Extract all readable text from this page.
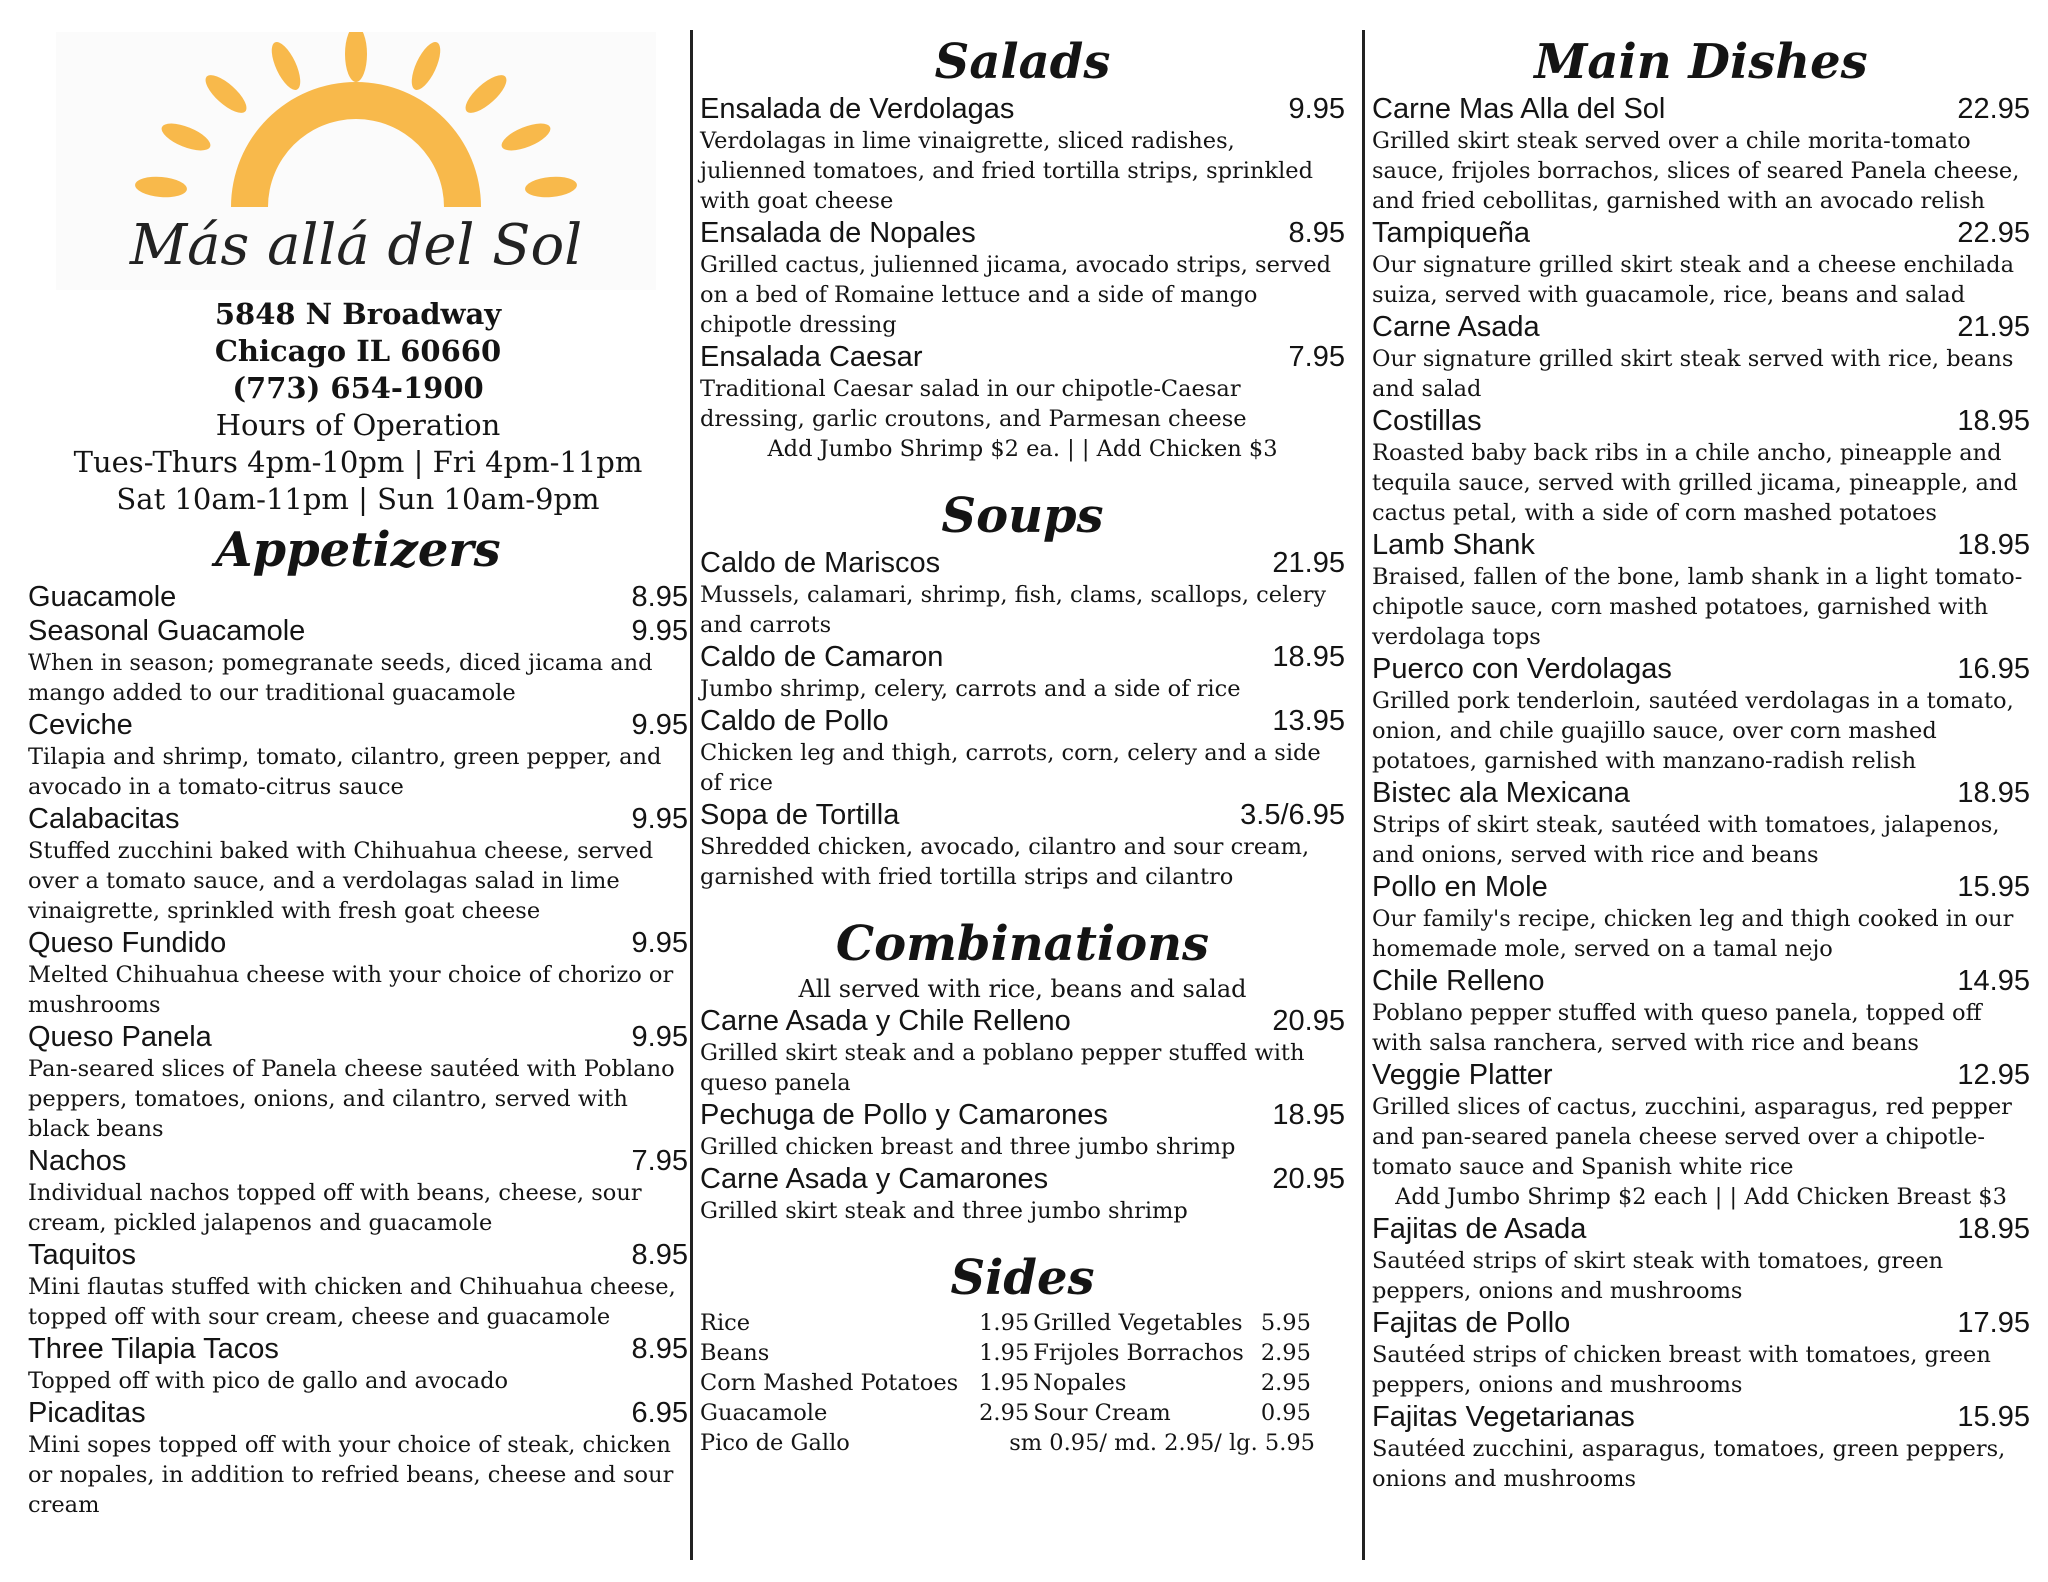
Más allá del Sol
5848 N Broadway
Chicago IL 60660
(773) 654-1900
Hours of Operation
Tues-Thurs 4pm-10pm | Fri 4pm-11pm
Sat 10am-11pm | Sun 10am-9pm
Appetizers
Guacamole	8.95
Seasonal Guacamole	9.95
When in season; pomegranate seeds, diced jicama and mango added to our traditional guacamole
Ceviche	9.95
Tilapia and shrimp, tomato, cilantro, green pepper, and avocado in a tomato-citrus sauce
Calabacitas	9.95
Stuffed zucchini baked with Chihuahua cheese, served over a tomato sauce, and a verdolagas salad in lime vinaigrette, sprinkled with fresh goat cheese
Queso Fundido	9.95
Melted Chihuahua cheese with your choice of chorizo or mushrooms
Queso Panela	9.95
Pan-seared slices of Panela cheese sautéed with Poblano peppers, tomatoes, onions, and cilantro, served with black beans
Nachos	7.95
Individual nachos topped off with beans, cheese, sour cream, pickled jalapenos and guacamole
Taquitos	8.95
Mini flautas stuffed with chicken and Chihuahua cheese, topped off with sour cream, cheese and guacamole
Three Tilapia Tacos	8.95
Topped off with pico de gallo and avocado
Picaditas	6.95
Mini sopes topped off with your choice of steak, chicken or nopales, in addition to refried beans, cheese and sour cream
Salads
Ensalada de Verdolagas	9.95
Verdolagas in lime vinaigrette, sliced radishes, julienned tomatoes, and fried tortilla strips, sprinkled with goat cheese
Ensalada de Nopales	8.95
Grilled cactus, julienned jicama, avocado strips, served on a bed of Romaine lettuce and a side of mango chipotle dressing
Ensalada Caesar	7.95
Traditional Caesar salad in our chipotle-Caesar dressing, garlic croutons, and Parmesan cheese
Add Jumbo Shrimp $2 ea. | | Add Chicken $3
Soups
Caldo de Mariscos	21.95
Mussels, calamari, shrimp, fish, clams, scallops, celery and carrots
Caldo de Camaron	18.95
Jumbo shrimp, celery, carrots and a side of rice
Caldo de Pollo	13.95
Chicken leg and thigh, carrots, corn, celery and a side of rice
Sopa de Tortilla	3.5/6.95
Shredded chicken, avocado, cilantro and sour cream, garnished with fried tortilla strips and cilantro
Combinations
All served with rice, beans and salad
Carne Asada y Chile Relleno	20.95
Grilled skirt steak and a poblano pepper stuffed with queso panela
Pechuga de Pollo y Camarones	18.95
Grilled chicken breast and three jumbo shrimp
Carne Asada y Camarones	20.95
Grilled skirt steak and three jumbo shrimp
Sides
Rice	1.95	Grilled Vegetables	5.95
Beans	1.95	Frijoles Borrachos	2.95
Corn Mashed Potatoes	1.95	Nopales	2.95
Guacamole	2.95	Sour Cream	0.95
Pico de Gallo	sm 0.95/ md. 2.95/ lg. 5.95		
Main Dishes
Carne Mas Alla del Sol	22.95
Grilled skirt steak served over a chile morita-tomato sauce, frijoles borrachos, slices of seared Panela cheese, and fried cebollitas, garnished with an avocado relish
Tampiqueña	22.95
Our signature grilled skirt steak and a cheese enchilada suiza, served with guacamole, rice, beans and salad
Carne Asada	21.95
Our signature grilled skirt steak served with rice, beans and salad
Costillas	18.95
Roasted baby back ribs in a chile ancho, pineapple and tequila sauce, served with grilled jicama, pineapple, and cactus petal, with a side of corn mashed potatoes
Lamb Shank	18.95
Braised, fallen of the bone, lamb shank in a light tomato-chipotle sauce, corn mashed potatoes, garnished with verdolaga tops
Puerco con Verdolagas	16.95
Grilled pork tenderloin, sautéed verdolagas in a tomato, onion, and chile guajillo sauce, over corn mashed potatoes, garnished with manzano-radish relish
Bistec ala Mexicana	18.95
Strips of skirt steak, sautéed with tomatoes, jalapenos, and onions, served with rice and beans
Pollo en Mole	15.95
Our family's recipe, chicken leg and thigh cooked in our homemade mole, served on a tamal nejo
Chile Relleno	14.95
Poblano pepper stuffed with queso panela, topped off with salsa ranchera, served with rice and beans
Veggie Platter	12.95
Grilled slices of cactus, zucchini, asparagus, red pepper and pan-seared panela cheese served over a chipotle-tomato sauce and Spanish white rice
Add Jumbo Shrimp $2 each | | Add Chicken Breast $3
Fajitas de Asada	18.95
Sautéed strips of skirt steak with tomatoes, green peppers, onions and mushrooms
Fajitas de Pollo	17.95
Sautéed strips of chicken breast with tomatoes, green peppers, onions and mushrooms
Fajitas Vegetarianas	15.95
Sautéed zucchini, asparagus, tomatoes, green peppers, onions and mushrooms
